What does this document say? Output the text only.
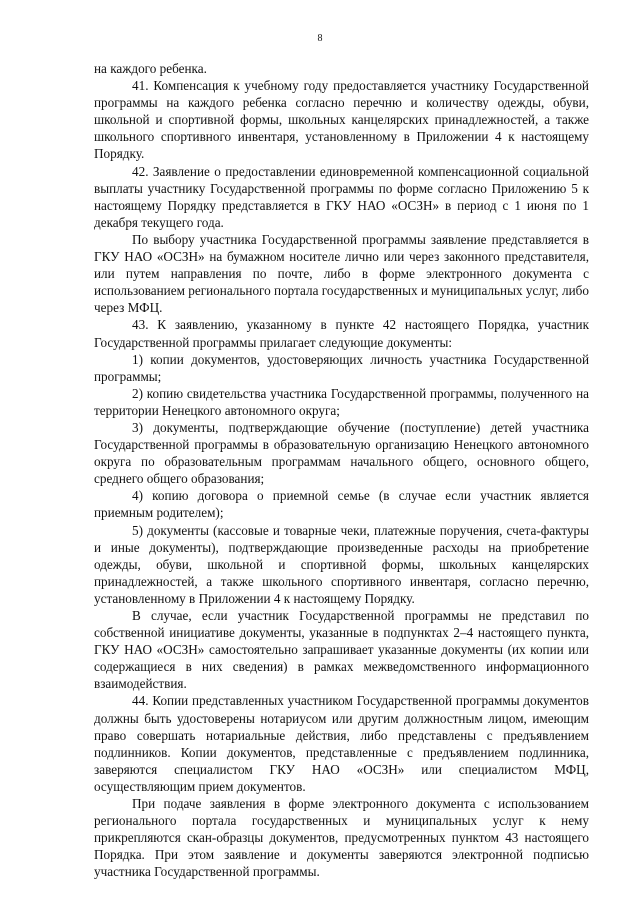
8

на каждого ребенка.

41. Компенсация к учебному году предоставляется участнику Государственной программы на каждого ребенка согласно перечню и количеству одежды, обуви, школьной и спортивной формы, школьных канцелярских принадлежностей, а также школьного спортивного инвентаря, установленному в Приложении 4 к настоящему Порядку.

42. Заявление о предоставлении единовременной компенсационной социальной выплаты участнику Государственной программы по форме согласно Приложению 5 к настоящему Порядку представляется в ГКУ НАО «ОСЗН» в период с 1 июня по 1 декабря текущего года.

По выбору участника Государственной программы заявление представляется в ГКУ НАО «ОСЗН» на бумажном носителе лично или через законного представителя, или путем направления по почте, либо в форме электронного документа с использованием регионального портала государственных и муниципальных услуг, либо через МФЦ.

43. К заявлению, указанному в пункте 42 настоящего Порядка, участник Государственной программы прилагает следующие документы:

1) копии документов, удостоверяющих личность участника Государственной программы;

2) копию свидетельства участника Государственной программы, полученного на территории Ненецкого автономного округа;

3) документы, подтверждающие обучение (поступление) детей участника Государственной программы в образовательную организацию Ненецкого автономного округа по образовательным программам начального общего, основного общего, среднего общего образования;

4) копию договора о приемной семье (в случае если участник является приемным родителем);

5) документы (кассовые и товарные чеки, платежные поручения, счета-фактуры и иные документы), подтверждающие произведенные расходы на приобретение одежды, обуви, школьной и спортивной формы, школьных канцелярских принадлежностей, а также школьного спортивного инвентаря, согласно перечню, установленному в Приложении 4 к настоящему Порядку.

В случае, если участник Государственной программы не представил по собственной инициативе документы, указанные в подпунктах 2–4 настоящего пункта, ГКУ НАО «ОСЗН» самостоятельно запрашивает указанные документы (их копии или содержащиеся в них сведения) в рамках межведомственного информационного взаимодействия.

44. Копии представленных участником Государственной программы документов должны быть удостоверены нотариусом или другим должностным лицом, имеющим право совершать нотариальные действия, либо представлены с предъявлением подлинников. Копии документов, представленные с предъявлением подлинника, заверяются специалистом ГКУ НАО «ОСЗН» или специалистом МФЦ, осуществляющим прием документов.

При подаче заявления в форме электронного документа с использованием регионального портала государственных и муниципальных услуг к нему прикрепляются скан-образцы документов, предусмотренных пунктом 43 настоящего Порядка. При этом заявление и документы заверяются электронной подписью участника Государственной программы.
